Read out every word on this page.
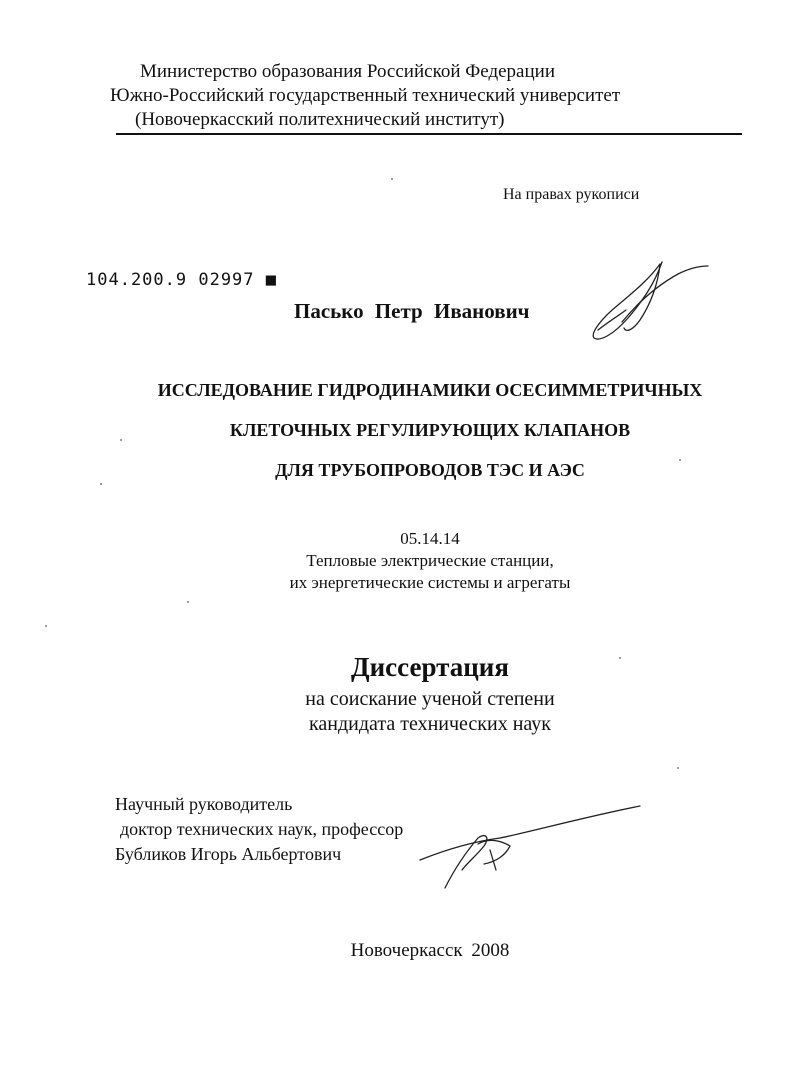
Министерство образования Российской Федерации
Южно-Российский государственный технический университет
(Новочеркасский политехнический институт)
На правах рукописи
104.200.9 02997 ■
Пасько Петр Иванович
ИССЛЕДОВАНИЕ ГИДРОДИНАМИКИ ОСЕСИММЕТРИЧНЫХ
КЛЕТОЧНЫХ РЕГУЛИРУЮЩИХ КЛАПАНОВ
ДЛЯ ТРУБОПРОВОДОВ ТЭС И АЭС
05.14.14
Тепловые электрические станции,
их энергетические системы и агрегаты
Диссертация
на соискание ученой степени
кандидата технических наук
Научный руководитель
доктор технических наук, профессор
Бубликов Игорь Альбертович
Новочеркасск 2008
